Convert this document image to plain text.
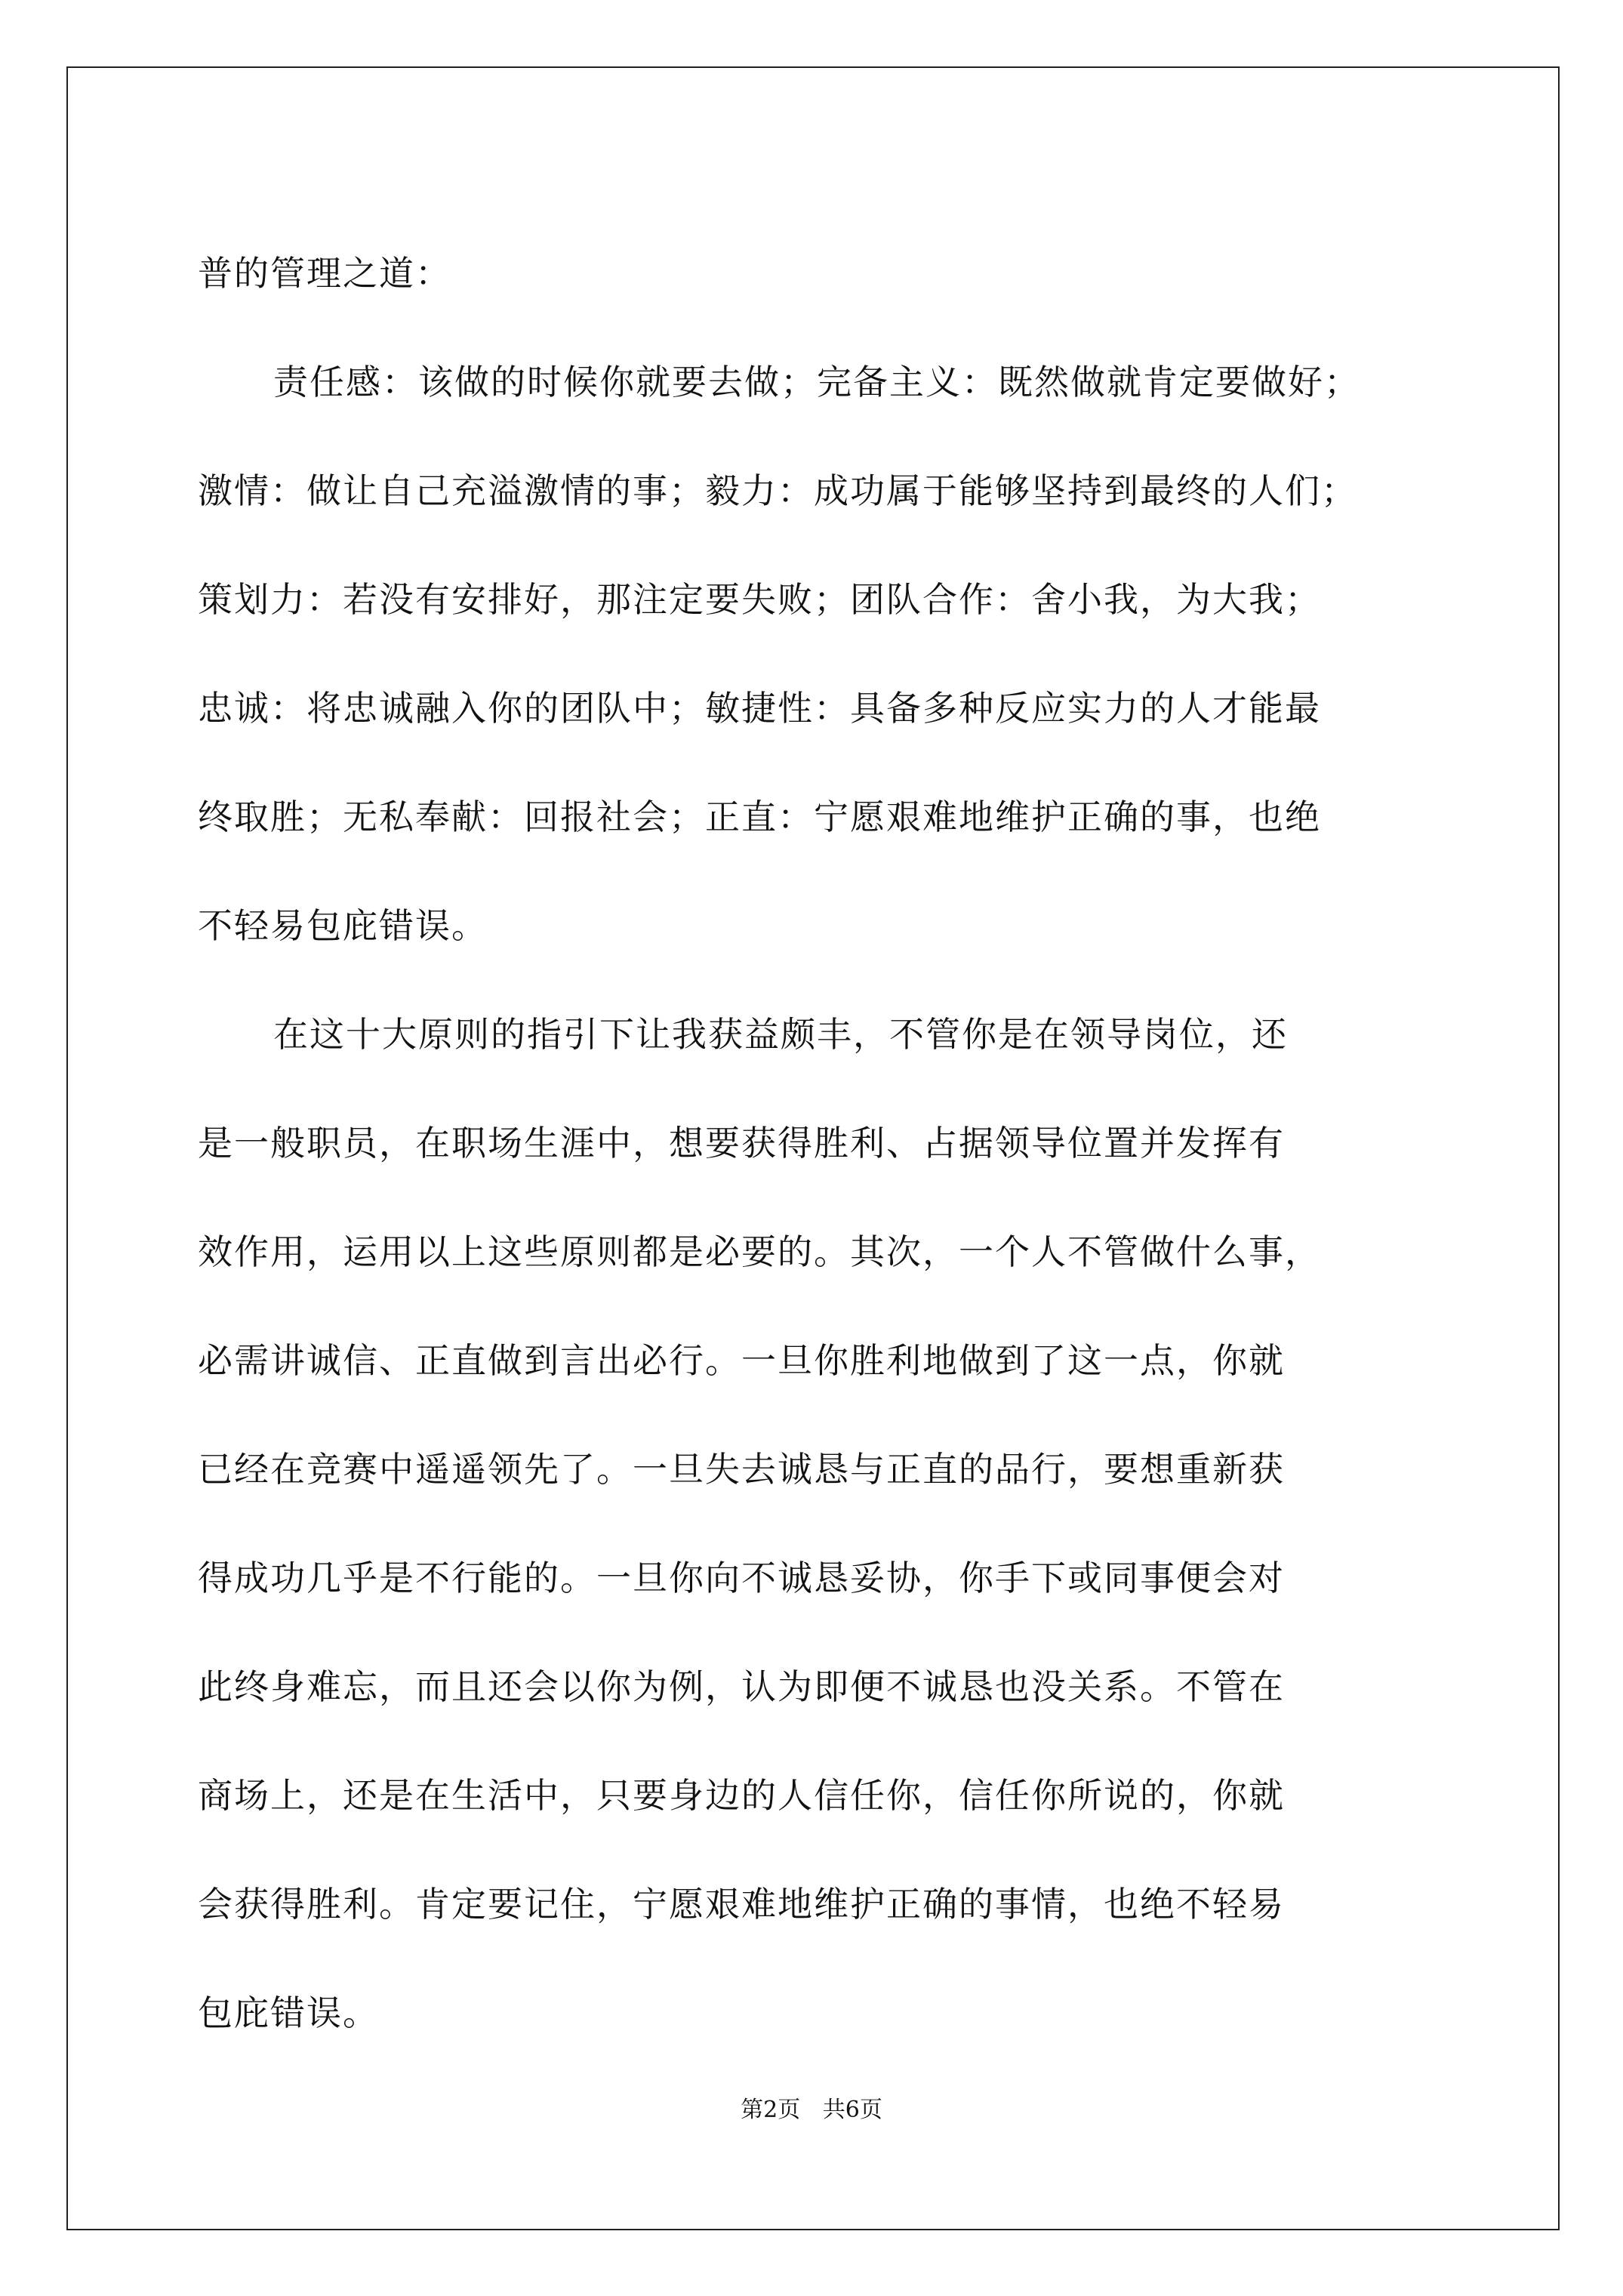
普的管理之道：

责任感：该做的时候你就要去做；完备主义：既然做就肯定要做好；
激情：做让自己充溢激情的事；毅力：成功属于能够坚持到最终的人们；
策划力：若没有安排好，那注定要失败；团队合作：舍小我，为大我；
忠诚：将忠诚融入你的团队中；敏捷性：具备多种反应实力的人才能最
终取胜；无私奉献：回报社会；正直：宁愿艰难地维护正确的事，也绝
不轻易包庇错误。

在这十大原则的指引下让我获益颇丰，不管你是在领导岗位，还
是一般职员，在职场生涯中，想要获得胜利、占据领导位置并发挥有
效作用，运用以上这些原则都是必要的。其次，一个人不管做什么事，
必需讲诚信、正直做到言出必行。一旦你胜利地做到了这一点，你就
已经在竞赛中遥遥领先了。一旦失去诚恳与正直的品行，要想重新获
得成功几乎是不行能的。一旦你向不诚恳妥协，你手下或同事便会对
此终身难忘，而且还会以你为例，认为即便不诚恳也没关系。不管在
商场上，还是在生活中，只要身边的人信任你，信任你所说的，你就
会获得胜利。肯定要记住，宁愿艰难地维护正确的事情，也绝不轻易
包庇错误。

第2页 共6页
